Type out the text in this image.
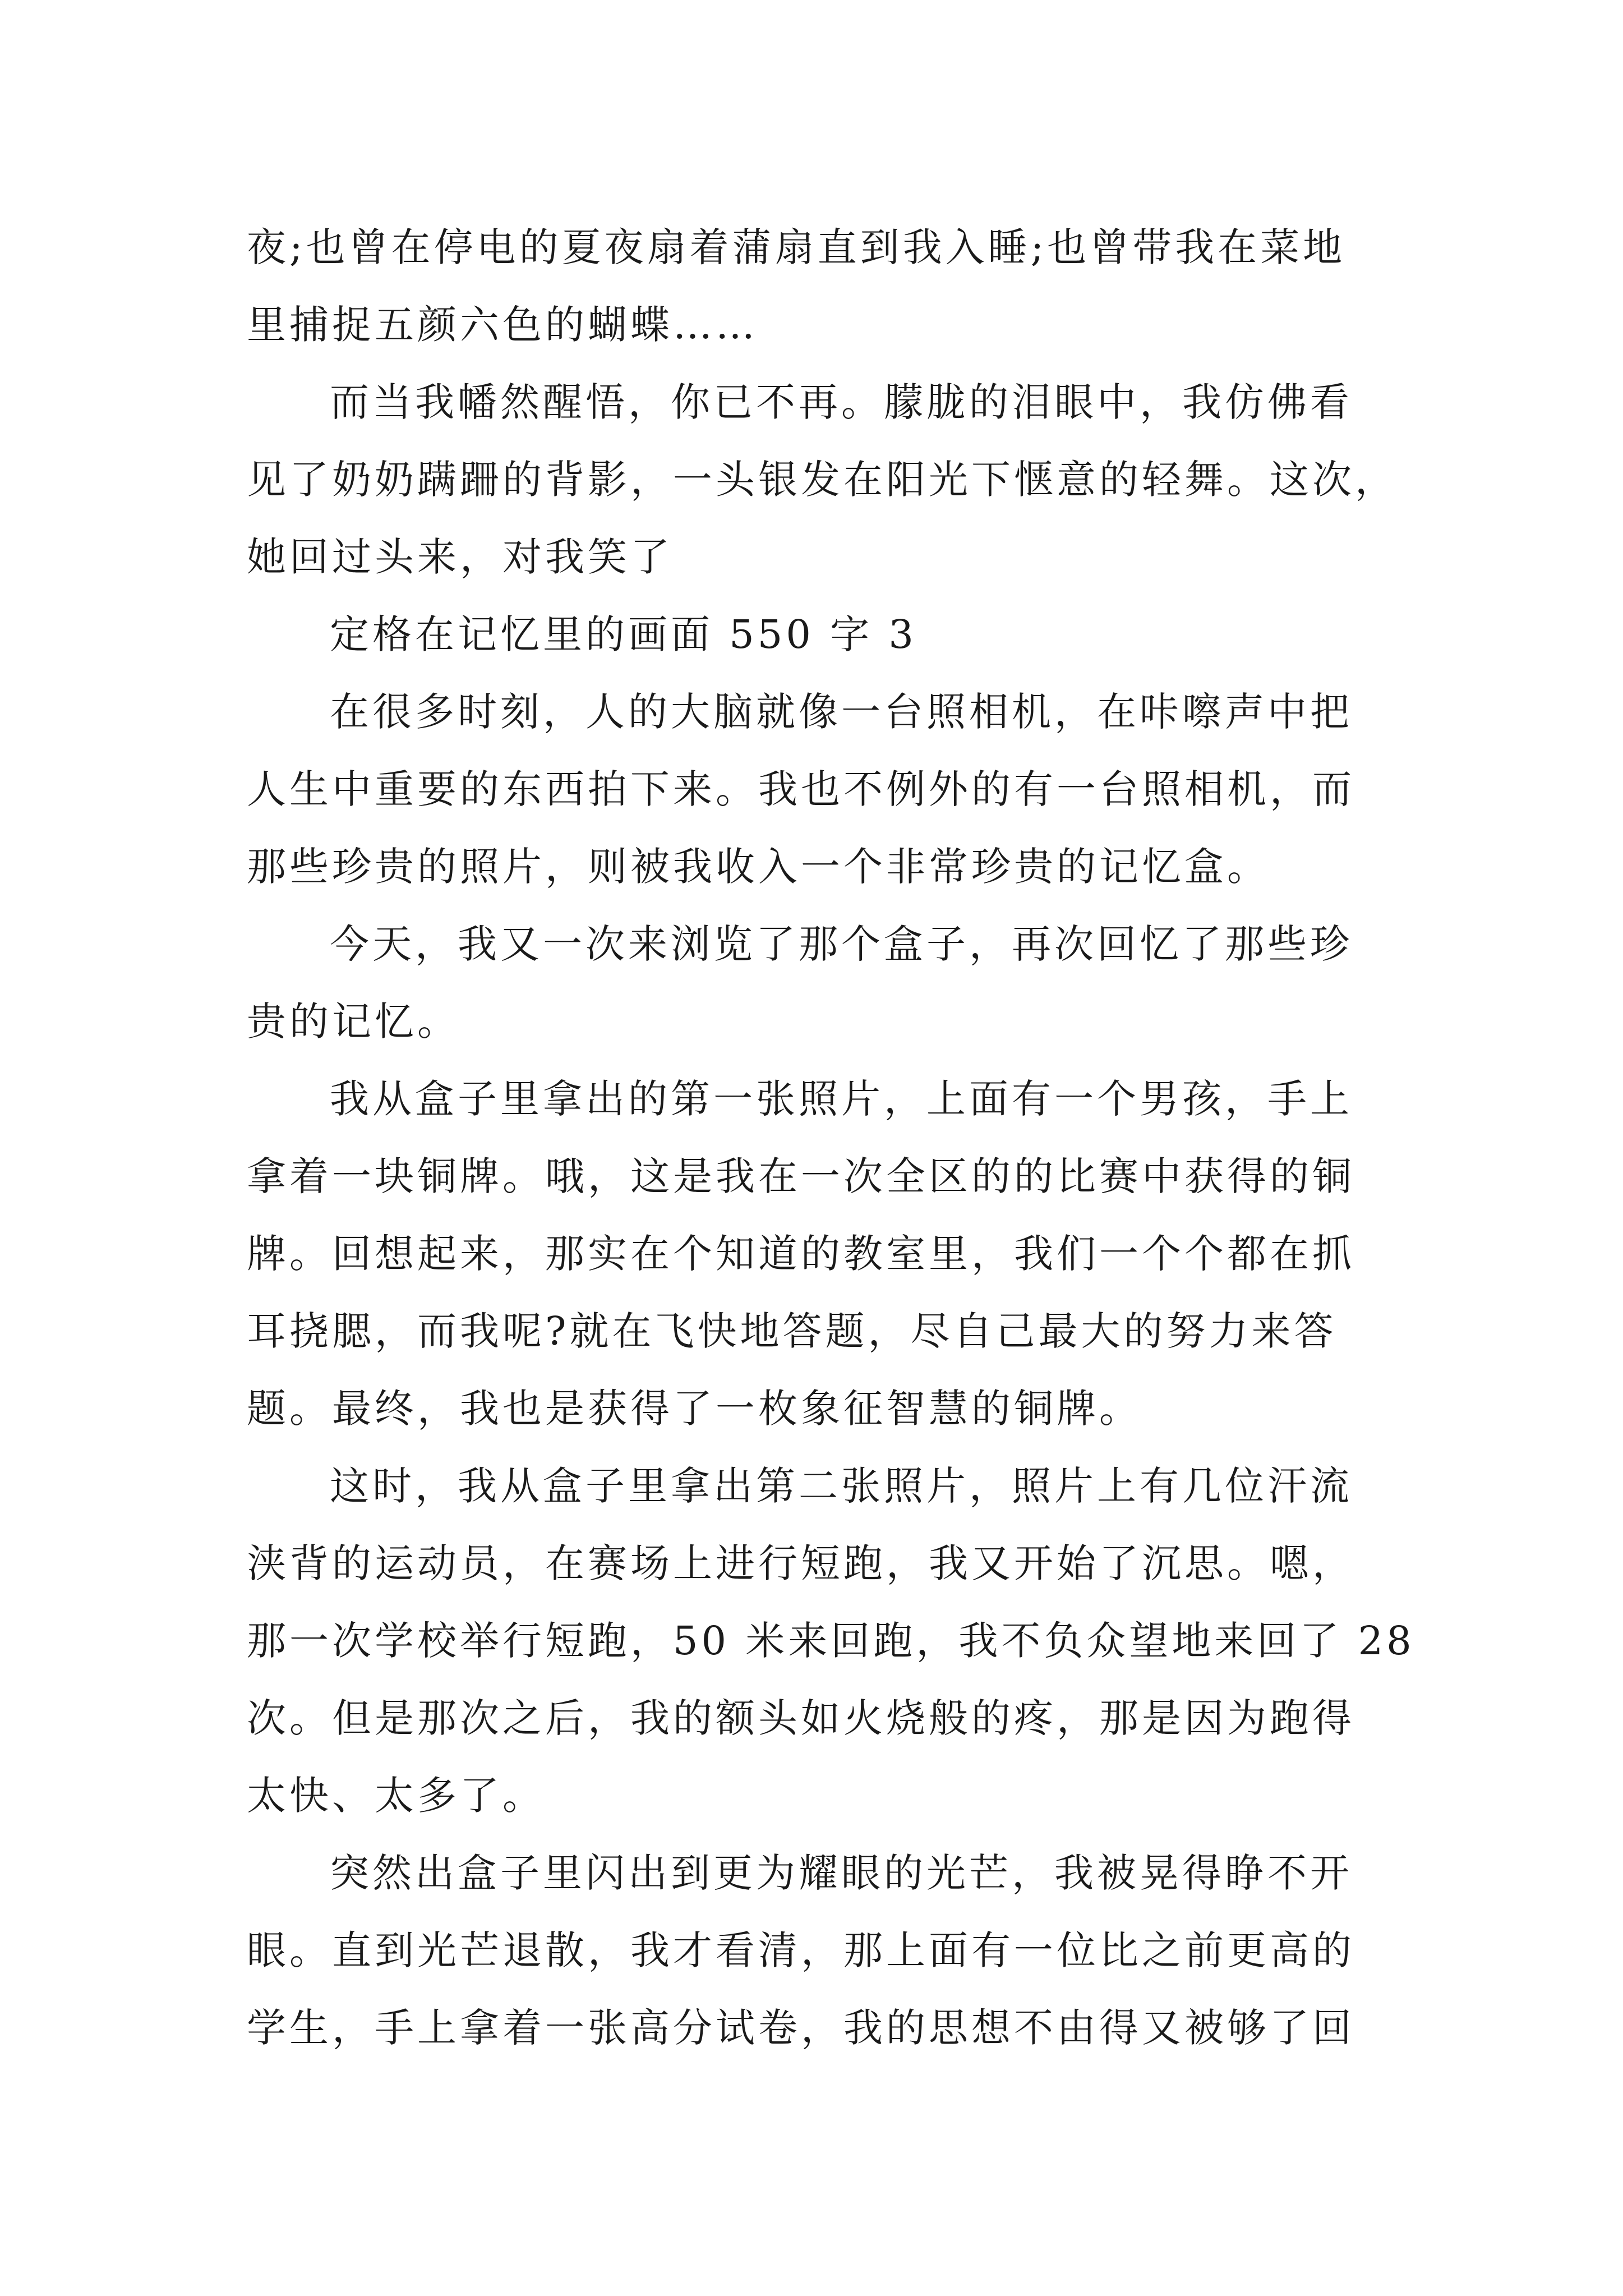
夜;也曾在停电的夏夜扇着蒲扇直到我入睡;也曾带我在菜地
里捕捉五颜六色的蝴蝶……
而当我幡然醒悟，你已不再。朦胧的泪眼中，我仿佛看
见了奶奶蹒跚的背影，一头银发在阳光下惬意的轻舞。这次，
她回过头来，对我笑了
定格在记忆里的画面 550 字 3
在很多时刻，人的大脑就像一台照相机，在咔嚓声中把
人生中重要的东西拍下来。我也不例外的有一台照相机，而
那些珍贵的照片，则被我收入一个非常珍贵的记忆盒。
今天，我又一次来浏览了那个盒子，再次回忆了那些珍
贵的记忆。
我从盒子里拿出的第一张照片，上面有一个男孩，手上
拿着一块铜牌。哦，这是我在一次全区的的比赛中获得的铜
牌。回想起来，那实在个知道的教室里，我们一个个都在抓
耳挠腮，而我呢?就在飞快地答题，尽自己最大的努力来答
题。最终，我也是获得了一枚象征智慧的铜牌。
这时，我从盒子里拿出第二张照片，照片上有几位汗流
浃背的运动员，在赛场上进行短跑，我又开始了沉思。嗯，
那一次学校举行短跑，50 米来回跑，我不负众望地来回了 28
次。但是那次之后，我的额头如火烧般的疼，那是因为跑得
太快、太多了。
突然出盒子里闪出到更为耀眼的光芒，我被晃得睁不开
眼。直到光芒退散，我才看清，那上面有一位比之前更高的
学生，手上拿着一张高分试卷，我的思想不由得又被够了回
